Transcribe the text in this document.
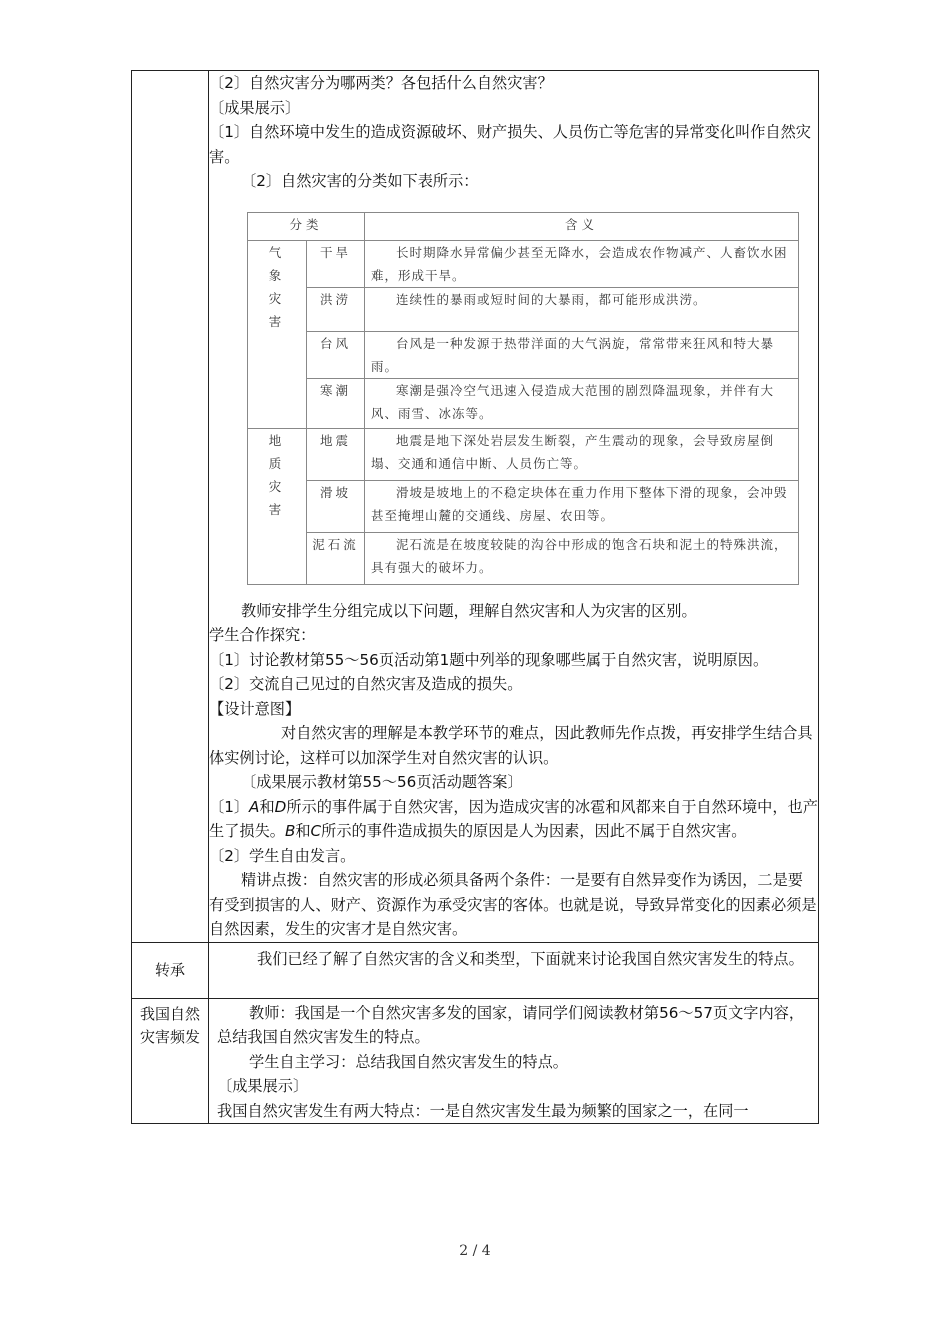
〔2〕自然灾害分为哪两类？各包括什么自然灾害？

〔成果展示〕

〔1〕自然环境中发生的造成资源破坏、财产损失、人员伤亡等危害的异常变化叫作自然灾害。

〔2〕自然灾害的分类如下表所示：

分类	含义
气象灾害	干旱	长时期降水异常偏少甚至无降水，会造成农作物减产、人畜饮水困难，形成干旱。
洪涝	连续性的暴雨或短时间的大暴雨，都可能形成洪涝。
台风	台风是一种发源于热带洋面的大气涡旋，常常带来狂风和特大暴雨。
寒潮	寒潮是强冷空气迅速入侵造成大范围的剧烈降温现象，并伴有大风、雨雪、冰冻等。
地质灾害	地震	地震是地下深处岩层发生断裂，产生震动的现象，会导致房屋倒塌、交通和通信中断、人员伤亡等。
滑坡	滑坡是坡地上的不稳定块体在重力作用下整体下滑的现象，会冲毁甚至掩埋山麓的交通线、房屋、农田等。
泥石流	泥石流是在坡度较陡的沟谷中形成的饱含石块和泥土的特殊洪流，具有强大的破坏力。

教师安排学生分组完成以下问题，理解自然灾害和人为灾害的区别。

学生合作探究：

〔1〕讨论教材第55～56页活动第1题中列举的现象哪些属于自然灾害，说明原因。

〔2〕交流自己见过的自然灾害及造成的损失。

【设计意图】

对自然灾害的理解是本教学环节的难点，因此教师先作点拨，再安排学生结合具体实例讨论，这样可以加深学生对自然灾害的认识。

〔成果展示教材第55～56页活动题答案〕

〔1〕A和D所示的事件属于自然灾害，因为造成灾害的冰雹和风都来自于自然环境中，也产生了损失。B和C所示的事件造成损失的原因是人为因素，因此不属于自然灾害。

〔2〕学生自由发言。

精讲点拨：自然灾害的形成必须具备两个条件：一是要有自然异变作为诱因，二是要有受到损害的人、财产、资源作为承受灾害的客体。也就是说，导致异常变化的因素必须是自然因素，发生的灾害才是自然灾害。

转承	

我们已经了解了自然灾害的含义和类型，下面就来讨论我国自然灾害发生的特点。

我国自然灾害频发

教师：我国是一个自然灾害多发的国家，请同学们阅读教材第56～57页文字内容，总结我国自然灾害发生的特点。

学生自主学习：总结我国自然灾害发生的特点。

〔成果展示〕

我国自然灾害发生有两大特点：一是自然灾害发生最为频繁的国家之一，在同一

2 / 4
